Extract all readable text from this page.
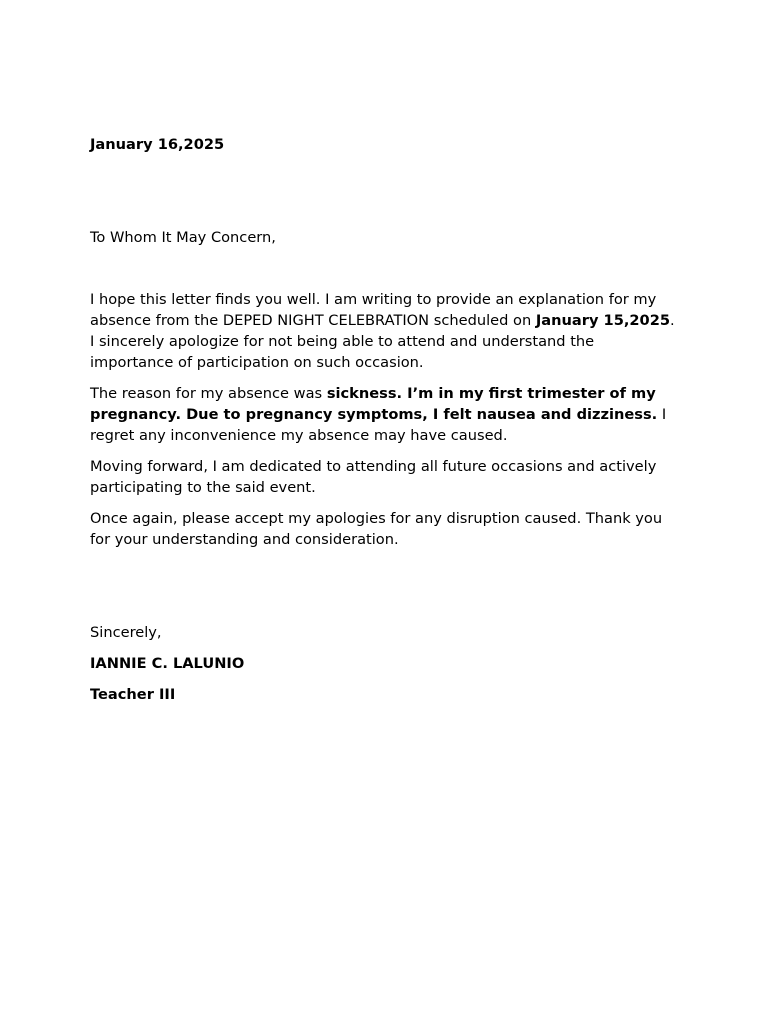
January 16,2025

To Whom It May Concern,

I hope this letter finds you well. I am writing to provide an explanation for my absence from the DEPED NIGHT CELEBRATION scheduled on January 15,2025. I sincerely apologize for not being able to attend and understand the importance of participation on such occasion.

The reason for my absence was sickness. I’m in my first trimester of my pregnancy. Due to pregnancy symptoms, I felt nausea and dizziness. I regret any inconvenience my absence may have caused.

Moving forward, I am dedicated to attending all future occasions and actively participating to the said event.

Once again, please accept my apologies for any disruption caused. Thank you for your understanding and consideration.

Sincerely,

IANNIE C. LALUNIO

Teacher III
